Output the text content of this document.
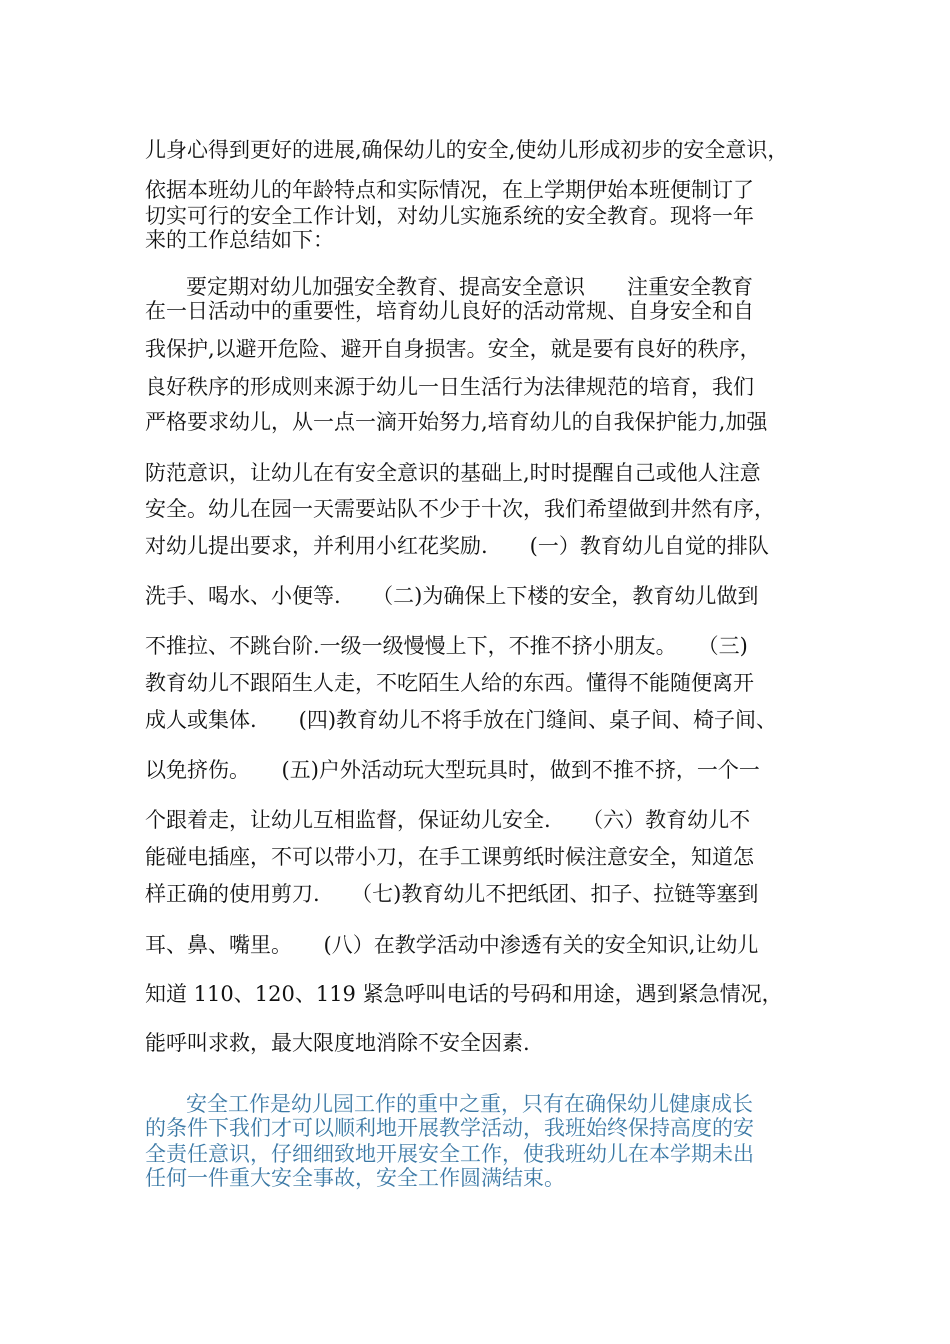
儿身心得到更好的进展,确保幼儿的安全,使幼儿形成初步的安全意识，
依据本班幼儿的年龄特点和实际情况，在上学期伊始本班便制订了
切实可行的安全工作计划，对幼儿实施系统的安全教育。现将一年
来的工作总结如下：
要定期对幼儿加强安全教育、提高安全意识　　注重安全教育
在一日活动中的重要性，培育幼儿良好的活动常规、自身安全和自
我保护,以避开危险、避开自身损害。安全，就是要有良好的秩序，
良好秩序的形成则来源于幼儿一日生活行为法律规范的培育，我们
严格要求幼儿，从一点一滴开始努力,培育幼儿的自我保护能力,加强
防范意识，让幼儿在有安全意识的基础上,时时提醒自己或他人注意
安全。幼儿在园一天需要站队不少于十次，我们希望做到井然有序，
对幼儿提出要求，并利用小红花奖励.　　(一）教育幼儿自觉的排队
洗手、喝水、小便等.　　（二)为确保上下楼的安全，教育幼儿做到
不推拉、不跳台阶.一级一级慢慢上下，不推不挤小朋友。　　（三)
教育幼儿不跟陌生人走，不吃陌生人给的东西。懂得不能随便离开
成人或集体.　　(四)教育幼儿不将手放在门缝间、桌子间、椅子间、
以免挤伤。　　(五)户外活动玩大型玩具时，做到不推不挤，一个一
个跟着走，让幼儿互相监督，保证幼儿安全.　　（六）教育幼儿不
能碰电插座，不可以带小刀，在手工课剪纸时候注意安全，知道怎
样正确的使用剪刀.　　（七)教育幼儿不把纸团、扣子、拉链等塞到
耳、鼻、嘴里。　　(八）在教学活动中渗透有关的安全知识,让幼儿
知道 110、120、119 紧急呼叫电话的号码和用途，遇到紧急情况，
能呼叫求救，最大限度地消除不安全因素.
安全工作是幼儿园工作的重中之重，只有在确保幼儿健康成长
的条件下我们才可以顺利地开展教学活动，我班始终保持高度的安
全责任意识，仔细细致地开展安全工作，使我班幼儿在本学期未出
任何一件重大安全事故，安全工作圆满结束。
